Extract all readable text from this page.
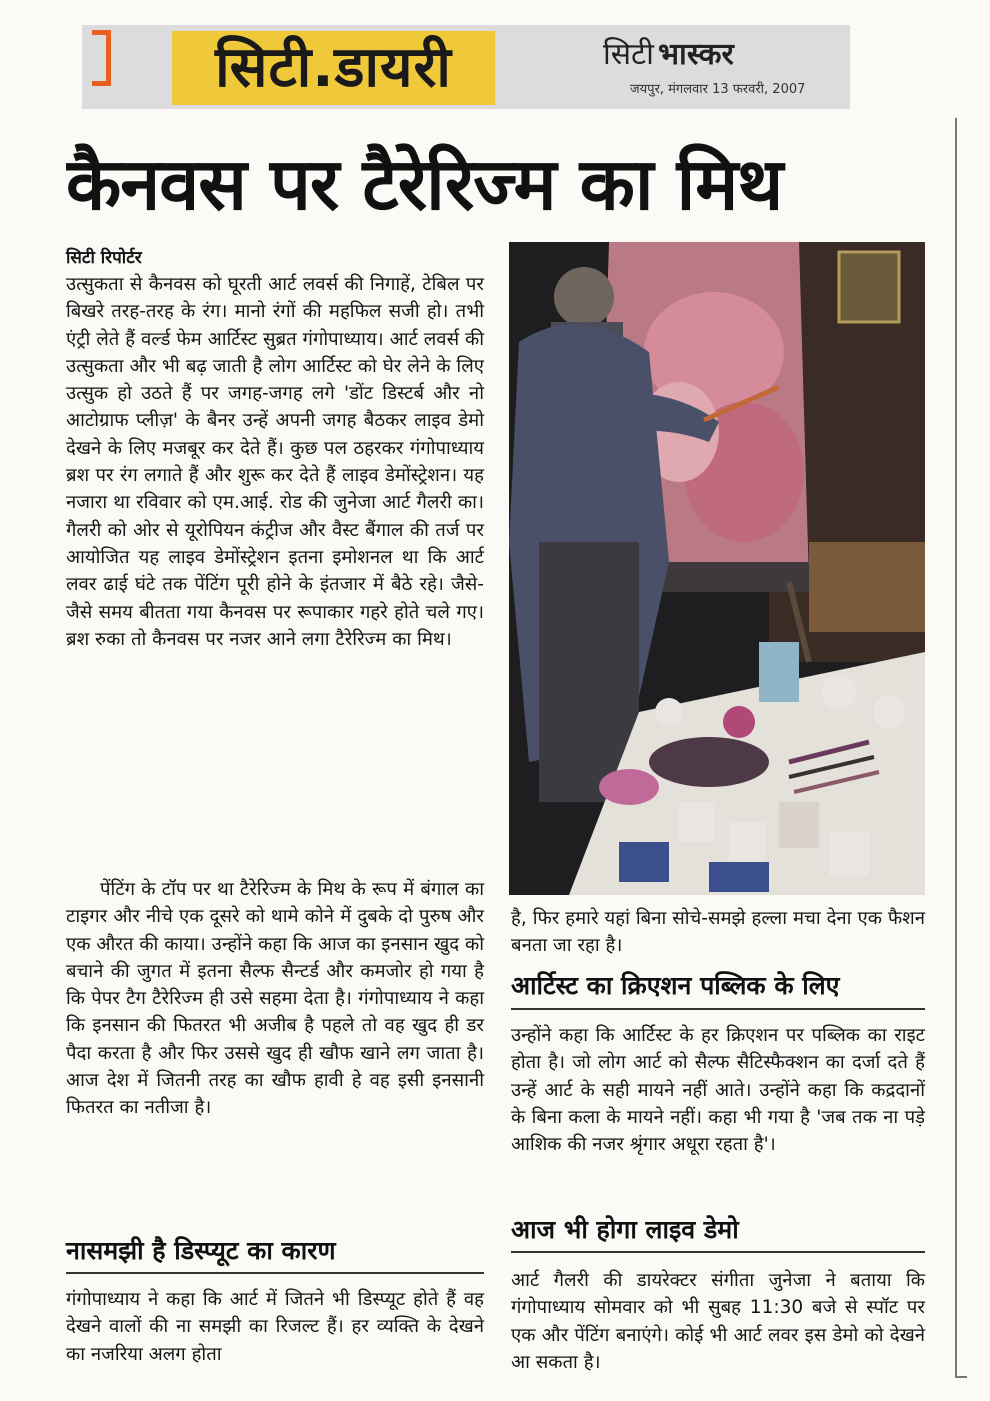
सिटी.डायरी	सिटी भास्कर
जयपुर, मंगलवार 13 फरवरी, 2007
कैनवस पर टैरेरिज्म का मिथ
सिटी रिपोर्टर

उत्सुकता से कैनवस को घूरती आर्ट लवर्स की निगाहें, टेबिल पर बिखरे तरह-तरह के रंग। मानो रंगों की महफिल सजी हो। तभी एंट्री लेते हैं वर्ल्ड फेम आर्टिस्ट सुब्रत गंगोपाध्याय। आर्ट लवर्स की उत्सुकता और भी बढ़ जाती है लोग आर्टिस्ट को घेर लेने के लिए उत्सुक हो उठते हैं पर जगह-जगह लगे 'डोंट डिस्टर्ब और नो आटोग्राफ प्लीज़' के बैनर उन्हें अपनी जगह बैठकर लाइव डेमो देखने के लिए मजबूर कर देते हैं। कुछ पल ठहरकर गंगोपाध्याय ब्रश पर रंग लगाते हैं और शुरू कर देते हैं लाइव डेमोंस्ट्रेशन। यह नजारा था रविवार को एम.आई. रोड की जुनेजा आर्ट गैलरी का। गैलरी को ओर से यूरोपियन कंट्रीज और वैस्ट बैंगाल की तर्ज पर आयोजित यह लाइव डेमोंस्ट्रेशन इतना इमोशनल था कि आर्ट लवर ढाई घंटे तक पेंटिंग पूरी होने के इंतजार में बैठे रहे। जैसे-जैसे समय बीतता गया कैनवस पर रूपाकार गहरे होते चले गए। ब्रश रुका तो कैनवस पर नजर आने लगा टैरेरिज्म का मिथ।

पेंटिंग के टॉप पर था टैरेरिज्म के मिथ के रूप में बंगाल का टाइगर और नीचे एक दूसरे को थामे कोने में दुबके दो पुरुष और एक औरत की काया। उन्होंने कहा कि आज का इनसान खुद को बचाने की जुगत में इतना सैल्फ सैन्टर्ड और कमजोर हो गया है कि पेपर टैग टैरेरिज्म ही उसे सहमा देता है। गंगोपाध्याय ने कहा कि इनसान की फितरत भी अजीब है पहले तो वह खुद ही डर पैदा करता है और फिर उससे खुद ही खौफ खाने लग जाता है। आज देश में जितनी तरह का खौफ हावी हे वह इसी इनसानी फितरत का नतीजा है।

नासमझी है डिस्प्यूट का कारण

गंगोपाध्याय ने कहा कि आर्ट में जितने भी डिस्प्यूट होते हैं वह देखने वालों की ना समझी का रिजल्ट हैं। हर व्यक्ति के देखने का नजरिया अलग होता

है, फिर हमारे यहां बिना सोचे-समझे हल्ला मचा देना एक फैशन बनता जा रहा है।

आर्टिस्ट का क्रिएशन पब्लिक के लिए

उन्होंने कहा कि आर्टिस्ट के हर क्रिएशन पर पब्लिक का राइट होता है। जो लोग आर्ट को सैल्फ सैटिस्फैक्शन का दर्जा दते हैं उन्हें आर्ट के सही मायने नहीं आते। उन्होंने कहा कि कद्रदानों के बिना कला के मायने नहीं। कहा भी गया है 'जब तक ना पड़े आशिक की नजर श्रृंगार अधूरा रहता है'।

आज भी होगा लाइव डेमो

आर्ट गैलरी की डायरेक्टर संगीता जुनेजा ने बताया कि गंगोपाध्याय सोमवार को भी सुबह 11:30 बजे से स्पॉट पर एक और पेंटिंग बनाएंगे। कोई भी आर्ट लवर इस डेमो को देखने आ सकता है।
